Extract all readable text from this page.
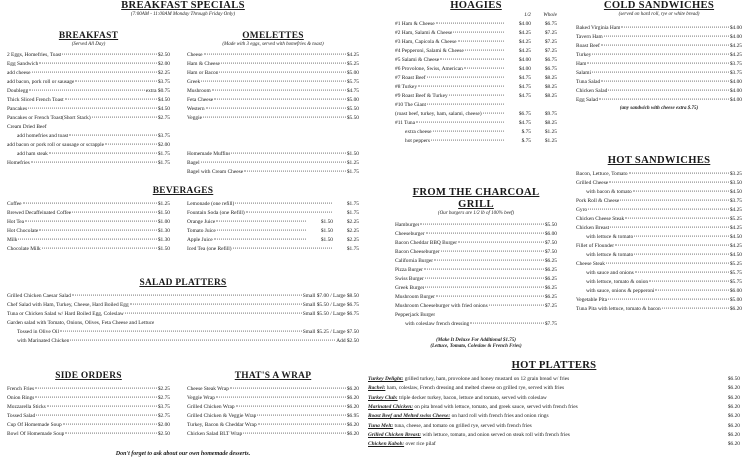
BREAKFAST SPECIALS
(7:00AM - 11:00AM Monday Through Friday Only)
BREAKFAST
(Served All Day)
2 Eggs, Homefries, Toast	$2.50
Egg Sandwich	$2.00
add cheese	$2.25
add bacon, pork roll or sausage	$3.75
Doublegg	extra $0.75
Thick Sliced French Toast	$4.50
Pancakes	$4.50
Pancakes or French Toast(Short Stack)	$2.75
Cream Dried Beef
add homefries and toast	$3.75
add bacon or pork roll or sausage or scrapple	$2.00
add ham steak	$1.75
Homefries	$1.75
OMELETTES
(Made with 3 eggs, served with homefries & toast)
Cheese	$4.25
Ham & Cheese	$5.25
Ham or Bacon	$5.00
Greek	$5.75
Mushroom	$4.75
Feta Cheese	$5.00
Western	$5.50
Veggie	$5.50
Homemade Muffins	$1.50
Bagel	$1.25
Bagel with Cream Cheese	$1.75
BEVERAGES
Coffee	$1.25
Brewed Decaffeinated Coffee	$1.50
Hot Tea	$1.00
Hot Chocolate	$1.30
Milk	$1.30
Chocolate Milk	$1.50
Lemonade (one refill)	$1.75
Fountain Soda (one Refill)	$1.75
Orange Juice	$1.50	$2.25
Tomato Juice	$1.50	$2.25
Apple Juice	$1.50	$2.25
Iced Tea (one Refill)	$1.75
SALAD PLATTERS
Grilled Chicken Caesar Salad	Small $7.00 / Large $8.50
Chef Salad with Ham, Turkey, Cheese, Hard Boiled Egg	Small $5.50 / Large $6.75
Tuna or Chicken Salad w/ Hard Boiled Egg, Coleslaw	Small $5.50 / Large $6.75
Garden salad with Tomato, Onions, Olives, Feta Cheese and Lettuce
Tossed in Olive Oil	Small $5.25 / Large $7.50
with Marinated Chicken	Add $2.50
SIDE ORDERS
French Fries	$2.25
Onion Rings	$2.75
Mozzarella Sticks	$3.75
Tossed Salad	$2.75
Cup Of Homemade Soup	$2.00
Bowl Of Homemade Soup	$2.50
THAT'S A WRAP
Cheese Steak Wrap	$6.20
Veggie Wrap	$6.20
Grilled Chicken Wrap	$6.20
Grilled Chicken & Veggie Wrap	$6.95
Turkey, Bacon & Cheddar Wrap	$6.20
Chicken Salad BLT Wrap	$6.20
Don't forget to ask about our own homemade desserts.
HOAGIES
1/2	Whole
#1 Ham & Cheese	$4.00	$6.75
#2 Ham, Salami & Cheese	$4.25	$7.25
#3 Ham, Capicola & Cheese	$4.25	$7.25
#4 Pepperoni, Salami & Cheese	$4.25	$7.25
#5 Salami & Cheese	$4.00	$6.75
#6 Provolone, Swiss, American	$4.00	$6.75
#7 Roast Beef	$4.75	$8.25
#8 Turkey	$4.75	$8.25
#9 Roast Beef & Turkey	$4.75	$8.25
#10 The Giant
(roast beef, turkey, ham, salami, cheese)	$6.75	$9.75
#11 Tuna	$4.75	$8.25
extra cheese	$.75	$1.25
hot peppers	$.75	$1.25
FROM THE CHARCOAL GRILL
(Our burgers are 1/2 lb of 100% beef)
Hamburger	$5.50
Cheeseburger	$6.00
Bacon Cheddar BBQ Burger	$7.50
Bacon Cheeseburger	$7.50
California Burger	$6.25
Pizza Burger	$6.25
Swiss Burger	$6.25
Greek Burger	$6.25
Mushroom Burger	$6.25
Mushroom Cheeseburger with fried onions	$7.25
Pepperjack Burger
with coleslaw french dressing	$7.75
(Make It Deluxe For Additional $1.75)
(Lettuce, Tomato, Coleslaw & French Fries)
HOT PLATTERS
Turkey Delight: grilled turkey, ham, provolone and honey mustard on 12 grain bread w/ fries	$6.50
Rachel: ham, coleslaw, French dressing and melted cheese on grilled rye, served with fries	$6.20
Turkey Club: triple decker turkey, bacon, lettuce and tomato, served with coleslaw	$6.20
Marinated Chicken: on pita bread with lettuce, tomato, and greek sauce, served with french fries	$6.20
Roast Beef and Melted swiss Cheese: on hard roll with french fries and onion rings	$6.20
Tuna Melt: tuna, cheese, and tomato on grilled rye, served with french fries	$6.20
Grilled Chicken Breast: with lettuce, tomato, and onion served on steak roll with french fries	$6.20
Chicken Kabob: over rice pilaf	$6.20
COLD SANDWICHES
(served on hard roll, rye or white bread)
Baked Virginia Ham	$4.00
Tavern Ham	$4.00
Roast Beef	$4.25
Turkey	$4.25
Ham	$3.75
Salami	$3.75
Tuna Salad	$4.00
Chicken Salad	$4.00
Egg Salad	$4.00
(any sandwich with cheese extra $.75)
HOT SANDWICHES
Bacon, Lettuce, Tomato	$3.25
Grilled Cheese	$3.50
with bacon & tomato	$4.50
Pork Roll & Cheese	$3.75
Gyro	$4.25
Chicken Cheese Steak	$5.25
Chicken Breast	$4.25
with lettuce & tomato	$4.50
Fillet of Flounder	$4.25
with lettuce & tomato	$4.50
Cheese Steak	$5.25
with sauce and onions	$5.75
with lettuce, tomato & onion	$5.75
with sauce, onions & pepperoni	$6.00
Vegetable Pita	$5.00
Tuna Pita with lettuce, tomato & bacon	$6.20
